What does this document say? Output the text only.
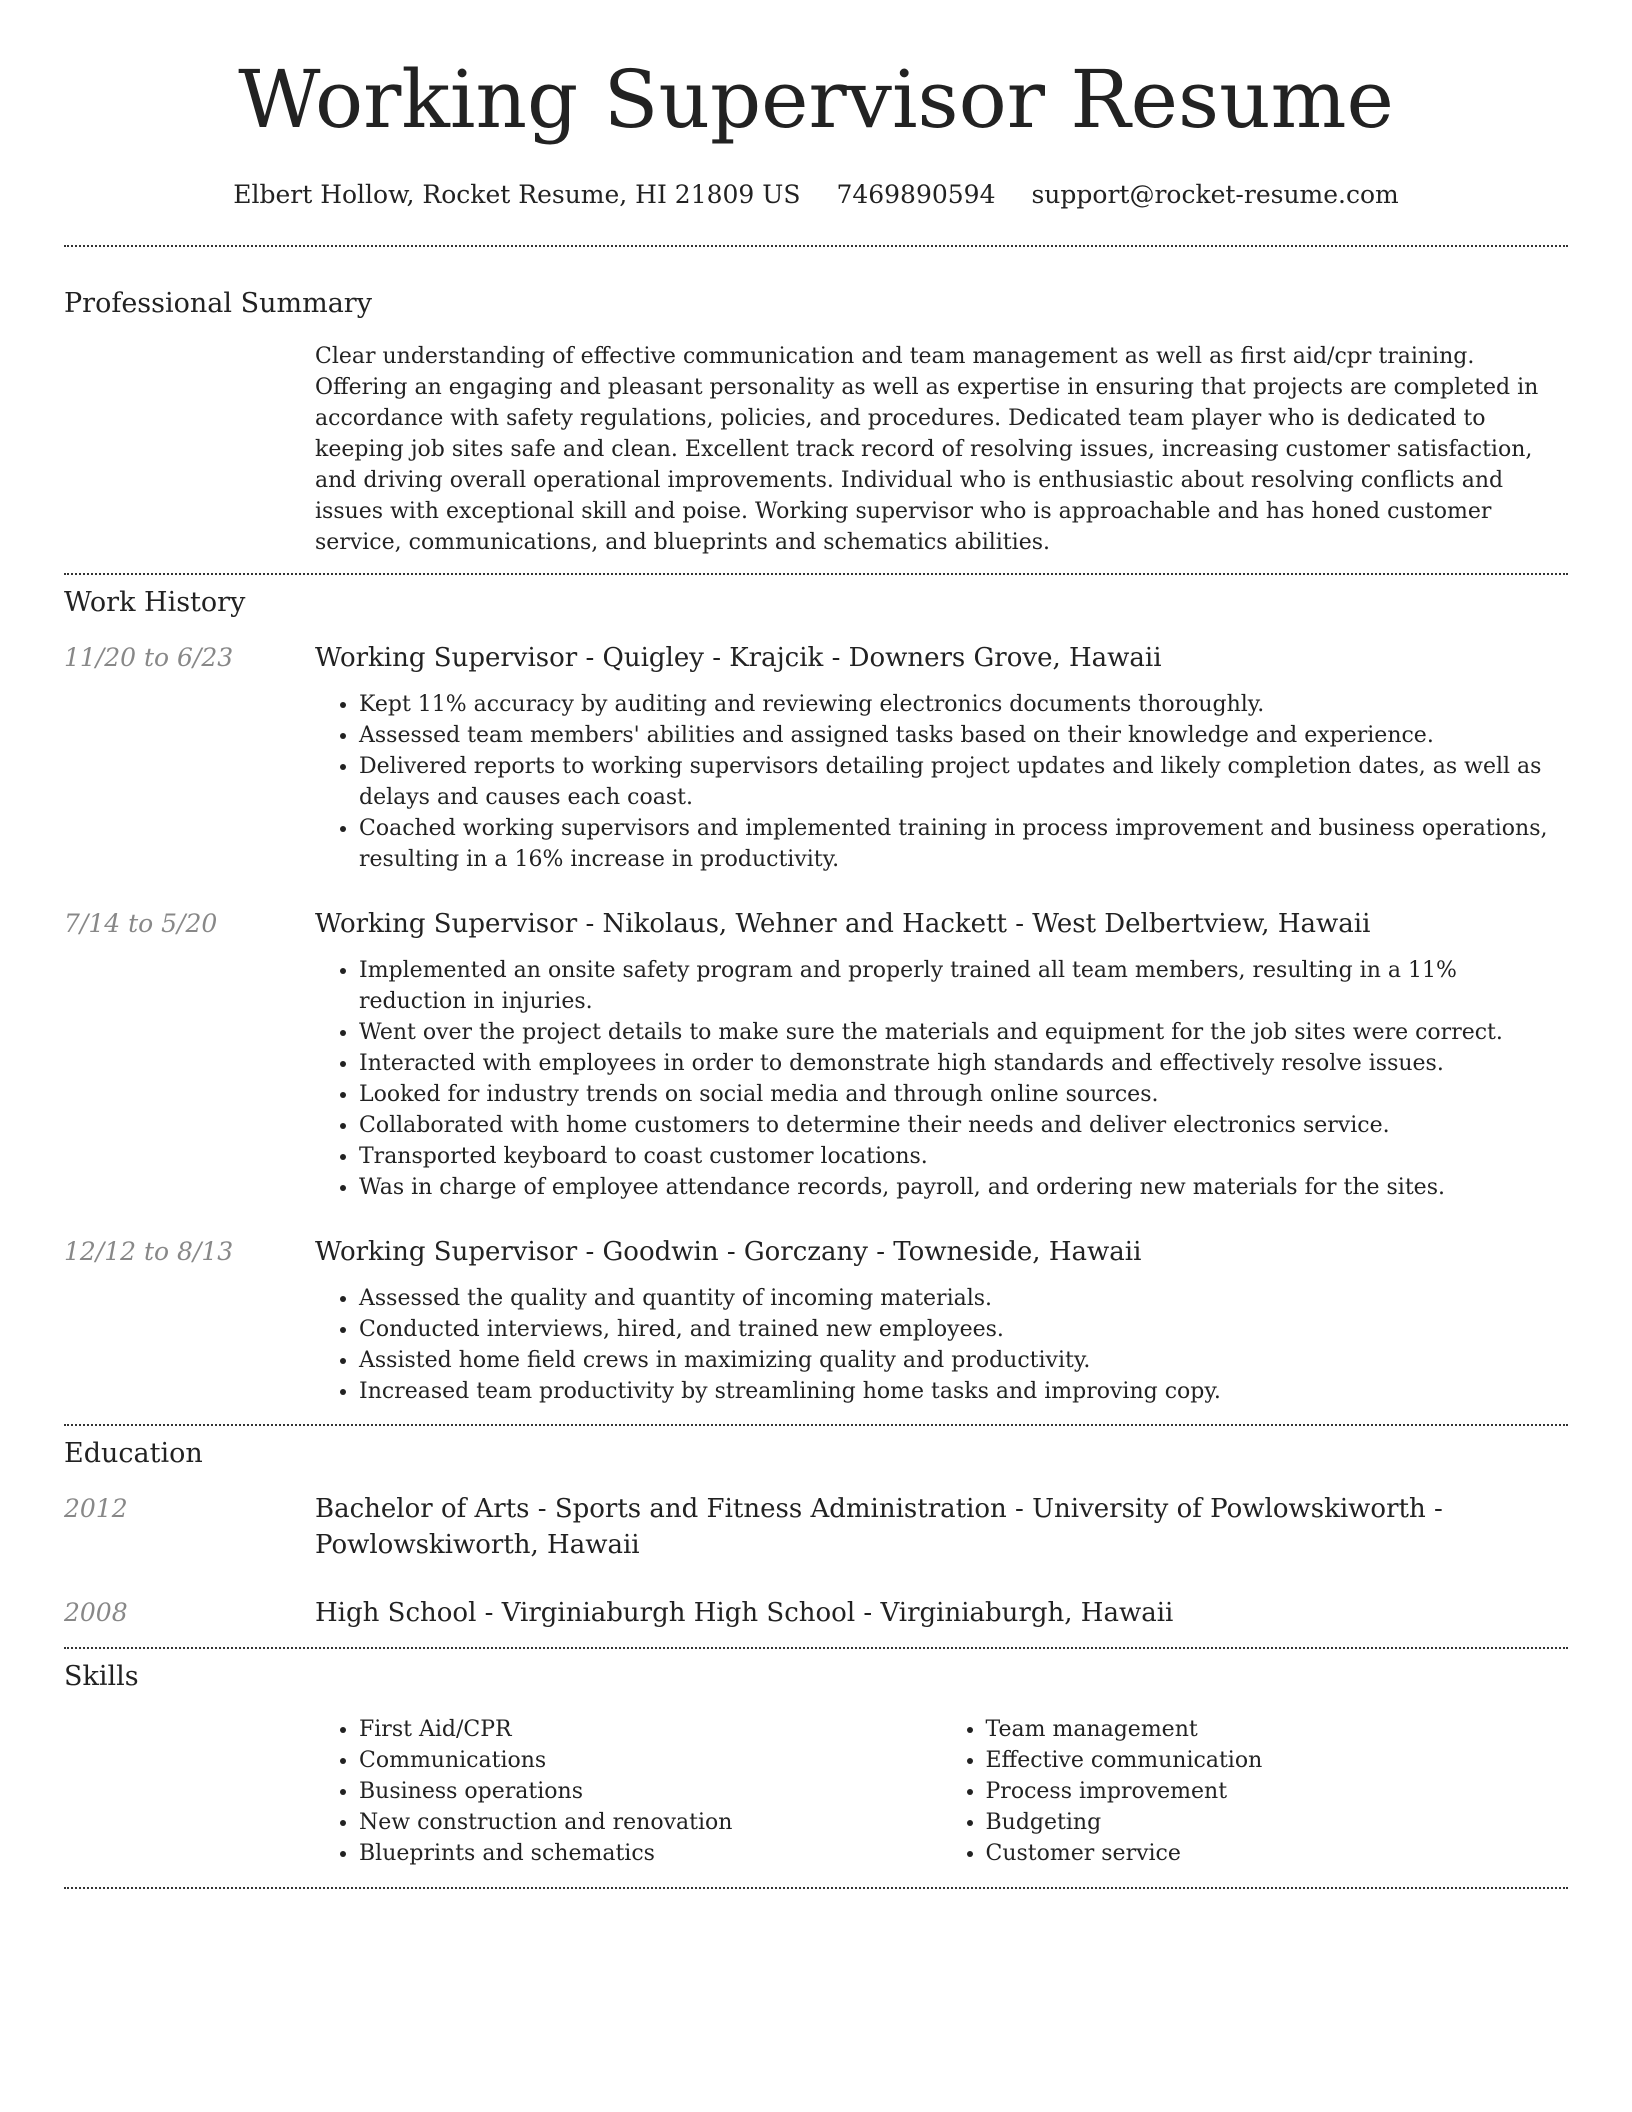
Working Supervisor Resume
Elbert Hollow, Rocket Resume, HI 21809 US 7469890594 support@rocket-resume.com
Professional Summary
Clear understanding of effective communication and team management as well as first aid/cpr training. Offering an engaging and pleasant personality as well as expertise in ensuring that projects are completed in accordance with safety regulations, policies, and procedures. Dedicated team player who is dedicated to keeping job sites safe and clean. Excellent track record of resolving issues, increasing customer satisfaction, and driving overall operational improvements. Individual who is enthusiastic about resolving conflicts and issues with exceptional skill and poise. Working supervisor who is approachable and has honed customer service, communications, and blueprints and schematics abilities.
Work History
11/20 to 6/23	Working Supervisor - Quigley - Krajcik - Downers Grove, Hawaii
• Kept 11% accuracy by auditing and reviewing electronics documents thoroughly.
• Assessed team members' abilities and assigned tasks based on their knowledge and experience.
• Delivered reports to working supervisors detailing project updates and likely completion dates, as well as delays and causes each coast.
• Coached working supervisors and implemented training in process improvement and business operations, resulting in a 16% increase in productivity.
7/14 to 5/20	Working Supervisor - Nikolaus, Wehner and Hackett - West Delbertview, Hawaii
• Implemented an onsite safety program and properly trained all team members, resulting in a 11% reduction in injuries.
• Went over the project details to make sure the materials and equipment for the job sites were correct.
• Interacted with employees in order to demonstrate high standards and effectively resolve issues.
• Looked for industry trends on social media and through online sources.
• Collaborated with home customers to determine their needs and deliver electronics service.
• Transported keyboard to coast customer locations.
• Was in charge of employee attendance records, payroll, and ordering new materials for the sites.
12/12 to 8/13	Working Supervisor - Goodwin - Gorczany - Towneside, Hawaii
• Assessed the quality and quantity of incoming materials.
• Conducted interviews, hired, and trained new employees.
• Assisted home field crews in maximizing quality and productivity.
• Increased team productivity by streamlining home tasks and improving copy.
Education
2012	Bachelor of Arts - Sports and Fitness Administration - University of Powlowskiworth - Powlowskiworth, Hawaii
2008	High School - Virginiaburgh High School - Virginiaburgh, Hawaii
Skills
• First Aid/CPR
• Communications
• Business operations
• New construction and renovation
• Blueprints and schematics
• Team management
• Effective communication
• Process improvement
• Budgeting
• Customer service
